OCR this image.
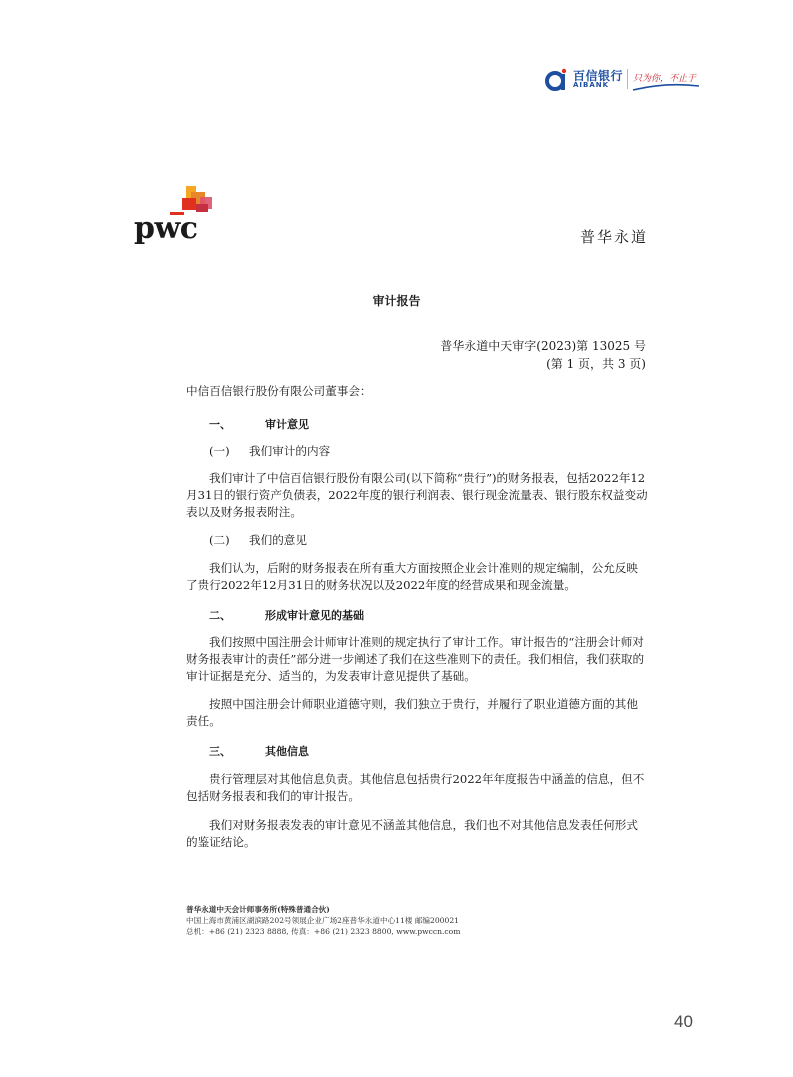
百信银行
AIBANK
只为你，不止于
pwc	普华永道
审计报告
普华永道中天审字(2023)第 13025 号
(第 1 页，共 3 页)
中信百信银行股份有限公司董事会：
一、	审计意见
(一) 我们审计的内容
我们审计了中信百信银行股份有限公司(以下简称“贵行”)的财务报表，包括2022年12月31日的银行资产负债表，2022年度的银行利润表、银行现金流量表、银行股东权益变动表以及财务报表附注。
(二) 我们的意见
我们认为，后附的财务报表在所有重大方面按照企业会计准则的规定编制，公允反映了贵行2022年12月31日的财务状况以及2022年度的经营成果和现金流量。
二、	形成审计意见的基础
我们按照中国注册会计师审计准则的规定执行了审计工作。审计报告的“注册会计师对财务报表审计的责任”部分进一步阐述了我们在这些准则下的责任。我们相信，我们获取的审计证据是充分、适当的，为发表审计意见提供了基础。
按照中国注册会计师职业道德守则，我们独立于贵行，并履行了职业道德方面的其他责任。
三、	其他信息
贵行管理层对其他信息负责。其他信息包括贵行2022年年度报告中涵盖的信息，但不包括财务报表和我们的审计报告。
我们对财务报表发表的审计意见不涵盖其他信息，我们也不对其他信息发表任何形式的鉴证结论。
普华永道中天会计师事务所(特殊普通合伙)
中国上海市黄浦区湖滨路202号领展企业广场2座普华永道中心11楼 邮编200021
总机：+86 (21) 2323 8888, 传真：+86 (21) 2323 8800, www.pwccn.com
40
